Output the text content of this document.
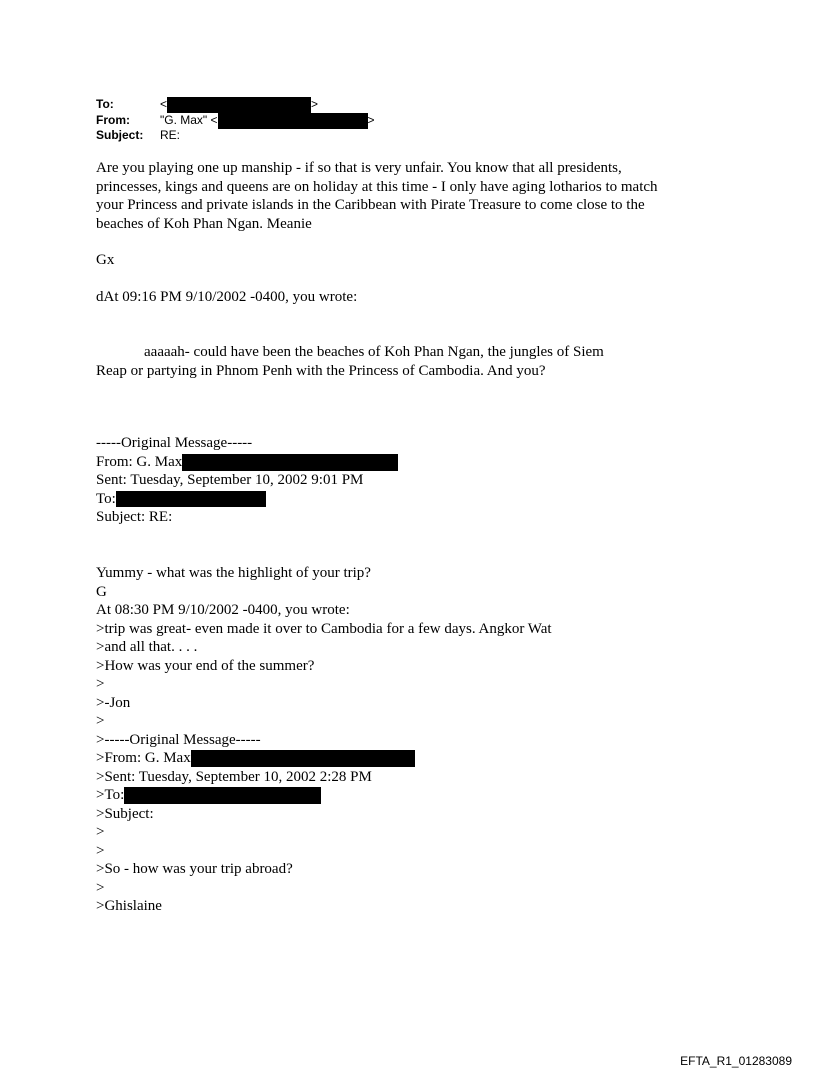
To:	<	>
From:	"G. Max" <	>
Subject: RE:
Are you playing one up manship - if so that is very unfair. You know that all presidents,
princesses, kings and queens are on holiday at this time - I only have aging lotharios to match
your Princess and private islands in the Caribbean with Pirate Treasure to come close to the
beaches of Koh Phan Ngan. Meanie
Gx
dAt 09:16 PM 9/10/2002 -0400, you wrote:
aaaaah- could have been the beaches of Koh Phan Ngan, the jungles of Siem
Reap or partying in Phnom Penh with the Princess of Cambodia. And you?
-----Original Message-----
From: G. Max
Sent: Tuesday, September 10, 2002 9:01 PM
To:
Subject: RE:
Yummy - what was the highlight of your trip?
G
At 08:30 PM 9/10/2002 -0400, you wrote:
>trip was great- even made it over to Cambodia for a few days. Angkor Wat
>and all that. . . .
>How was your end of the summer?
>
>-Jon
>
>-----Original Message-----
>From: G. Max
>Sent: Tuesday, September 10, 2002 2:28 PM
>To:
>Subject:
>
>
>So - how was your trip abroad?
>
>Ghislaine
EFTA_R1_01283089
